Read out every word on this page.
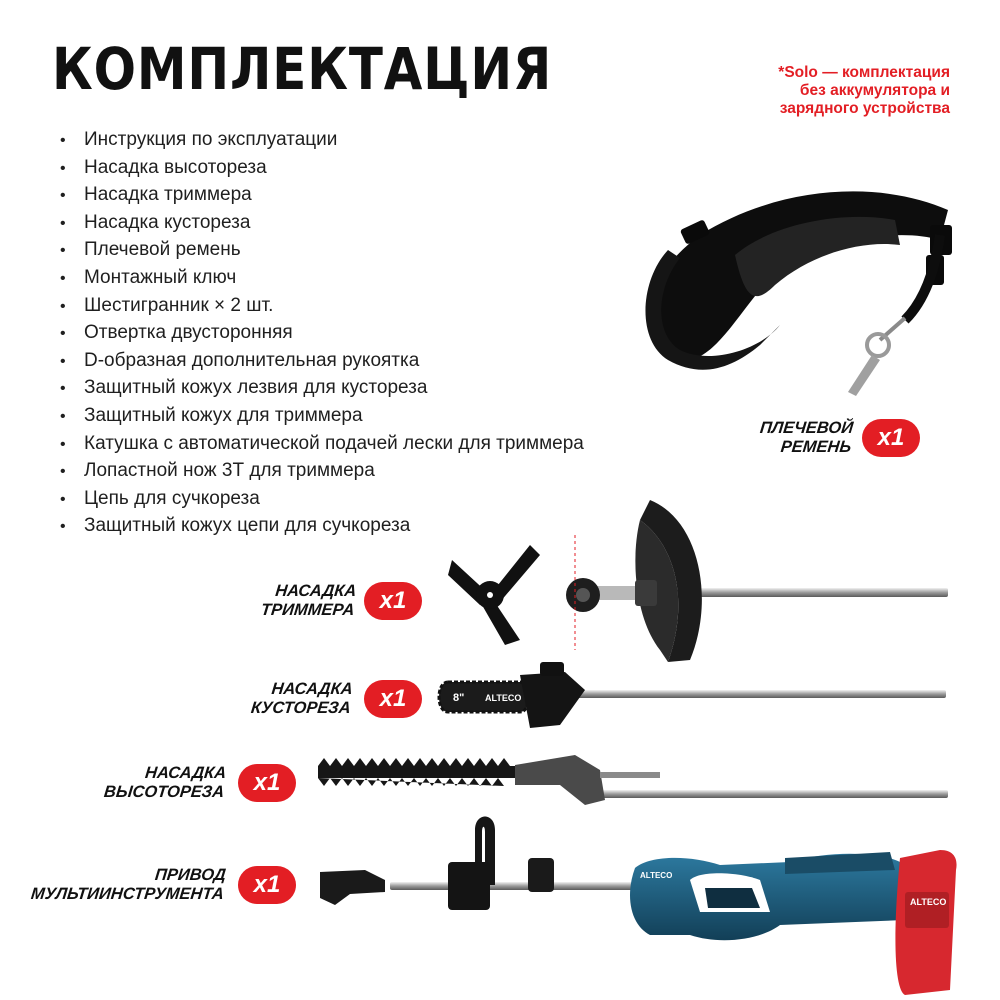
КОМПЛЕКТАЦИЯ	*Solo — комплектация
без аккумулятора и
зарядного устройства
• Инструкция по эксплуатации
• Насадка высотореза
• Насадка триммера
• Насадка кустореза
• Плечевой ремень
• Монтажный ключ
• Шестигранник × 2 шт.
• Отвертка двусторонняя
• D-образная дополнительная рукоятка
• Защитный кожух лезвия для кустореза
• Защитный кожух для триммера
• Катушка с автоматической подачей лески для триммера
• Лопастной нож 3Т для триммера
• Цепь для сучкореза
• Защитный кожух цепи для сучкореза
8" ALTECO
ALTECO
ALTECO
ПЛЕЧЕВОЙ
РЕМЕНЬ	x1
НАСАДКА
ТРИММЕРА	x1
НАСАДКА
КУСТОРЕЗА	x1
НАСАДКА
ВЫСОТОРЕЗА	x1
ПРИВОД
МУЛЬТИИНСТРУМЕНТА	x1
